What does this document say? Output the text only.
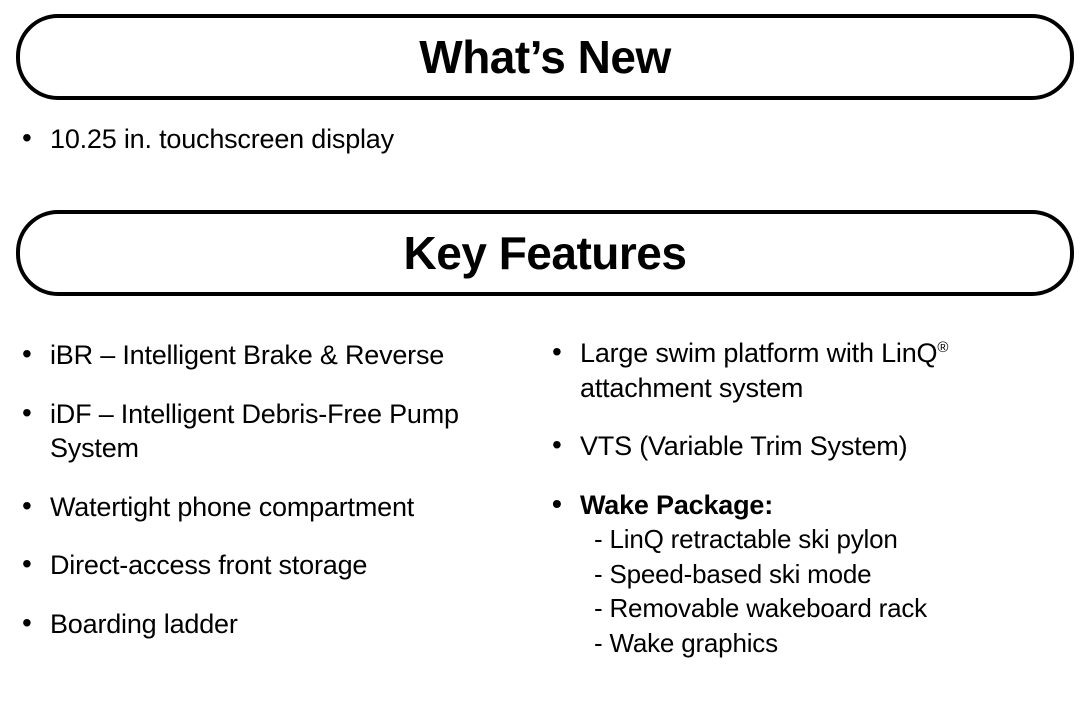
What’s New
• 10.25 in. touchscreen display
Key Features
• iBR – Intelligent Brake & Reverse
• iDF – Intelligent Debris-Free Pump System
• Watertight phone compartment
• Direct-access front storage
• Boarding ladder
• Large swim platform with LinQ® attachment system
• VTS (Variable Trim System)
• Wake Package:
- LinQ retractable ski pylon
- Speed-based ski mode
- Removable wakeboard rack
- Wake graphics
